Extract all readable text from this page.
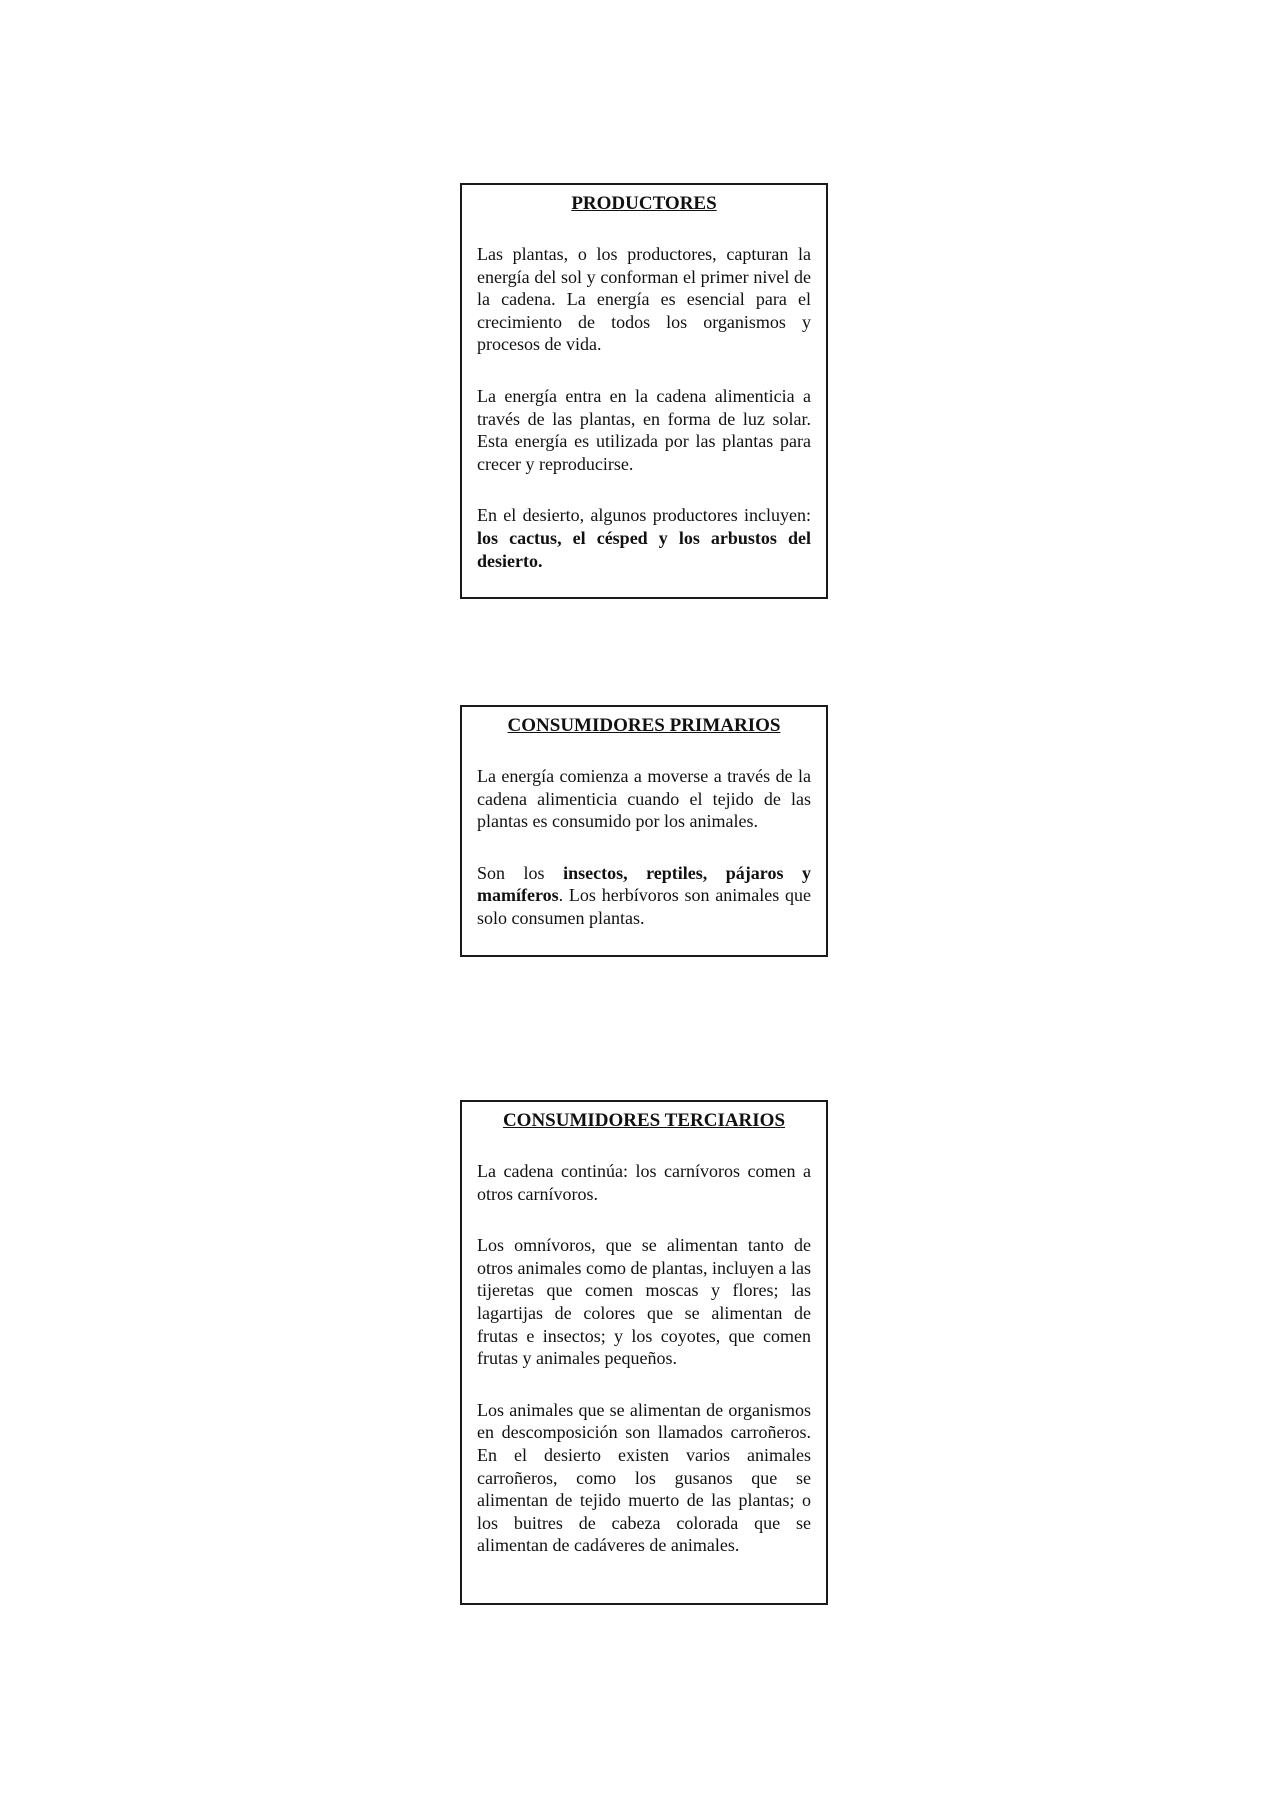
PRODUCTORES

Las plantas, o los productores, capturan la energía del sol y conforman el primer nivel de la cadena. La energía es esencial para el crecimiento de todos los organismos y procesos de vida.

La energía entra en la cadena alimenticia a través de las plantas, en forma de luz solar. Esta energía es utilizada por las plantas para crecer y reproducirse.

En el desierto, algunos productores incluyen: los cactus, el césped y los arbustos del desierto.

CONSUMIDORES PRIMARIOS

La energía comienza a moverse a través de la cadena alimenticia cuando el tejido de las plantas es consumido por los animales.

Son los insectos, reptiles, pájaros y mamíferos. Los herbívoros son animales que solo consumen plantas.

CONSUMIDORES TERCIARIOS

La cadena continúa: los carnívoros comen a otros carnívoros.

Los omnívoros, que se alimentan tanto de otros animales como de plantas, incluyen a las tijeretas que comen moscas y flores; las lagartijas de colores que se alimentan de frutas e insectos; y los coyotes, que comen frutas y animales pequeños.

Los animales que se alimentan de organismos en descomposición son llamados carroñeros. En el desierto existen varios animales carroñeros, como los gusanos que se alimentan de tejido muerto de las plantas; o los buitres de cabeza colorada que se alimentan de cadáveres de animales.
